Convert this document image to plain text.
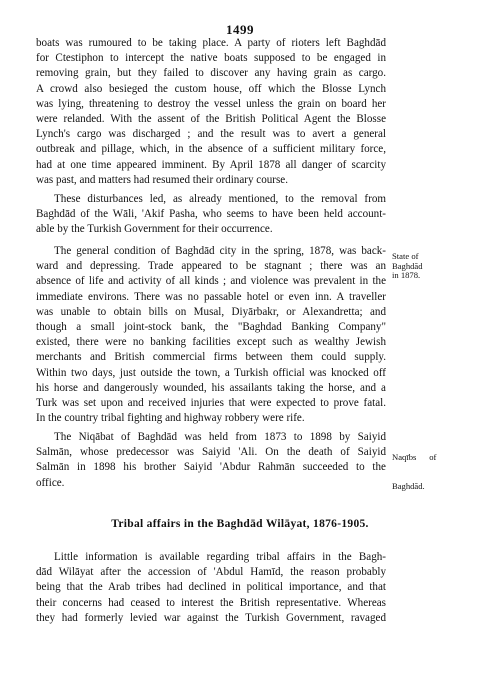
1499
boats was rumoured to be taking place. A party of rioters left Baghdād
for Ctestiphon to intercept the native boats supposed to be engaged in
removing grain, but they failed to discover any having grain as cargo.
A crowd also besieged the custom house, off which the Blosse Lynch
was lying, threatening to destroy the vessel unless the grain on board her
were relanded. With the assent of the British Political Agent the Blosse
Lynch's cargo was discharged ; and the result was to avert a general
outbreak and pillage, which, in the absence of a sufficient military force,
had at one time appeared imminent. By April 1878 all danger of scarcity
was past, and matters had resumed their ordinary course.
These disturbances led, as already mentioned, to the removal from
Baghdād of the Wāli, 'Akif Pasha, who seems to have been held account-
able by the Turkish Government for their occurrence.
The general condition of Baghdād city in the spring, 1878, was back-
ward and depressing. Trade appeared to be stagnant ; there was an
absence of life and activity of all kinds ; and violence was prevalent in the
immediate environs. There was no passable hotel or even inn. A traveller
was unable to obtain bills on Musal, Diyārbakr, or Alexandretta; and
though a small joint-stock bank, the "Baghdad Banking Company"
existed, there were no banking facilities except such as wealthy Jewish
merchants and British commercial firms between them could supply.
Within two days, just outside the town, a Turkish official was knocked off
his horse and dangerously wounded, his assailants taking the horse, and a
Turk was set upon and received injuries that were expected to prove fatal.
In the country tribal fighting and highway robbery were rife.
The Niqābat of Baghdād was held from 1873 to 1898 by Saiyid
Salmān, whose predecessor was Saiyid 'Ali. On the death of Saiyid
Salmān in 1898 his brother Saiyid 'Abdur Rahmān succeeded to the
office.
State of
Baghdād
in 1878.

Naqībs      of

Baghdād.

Tribal affairs in the Baghdād Wilāyat, 1876-1905.
Little information is available regarding tribal affairs in the Bagh-
dād Wilāyat after the accession of 'Abdul Hamīd, the reason probably
being that the Arab tribes had declined in political importance, and that
their concerns had ceased to interest the British representative. Whereas
they had formerly levied war against the Turkish Government, ravaged
